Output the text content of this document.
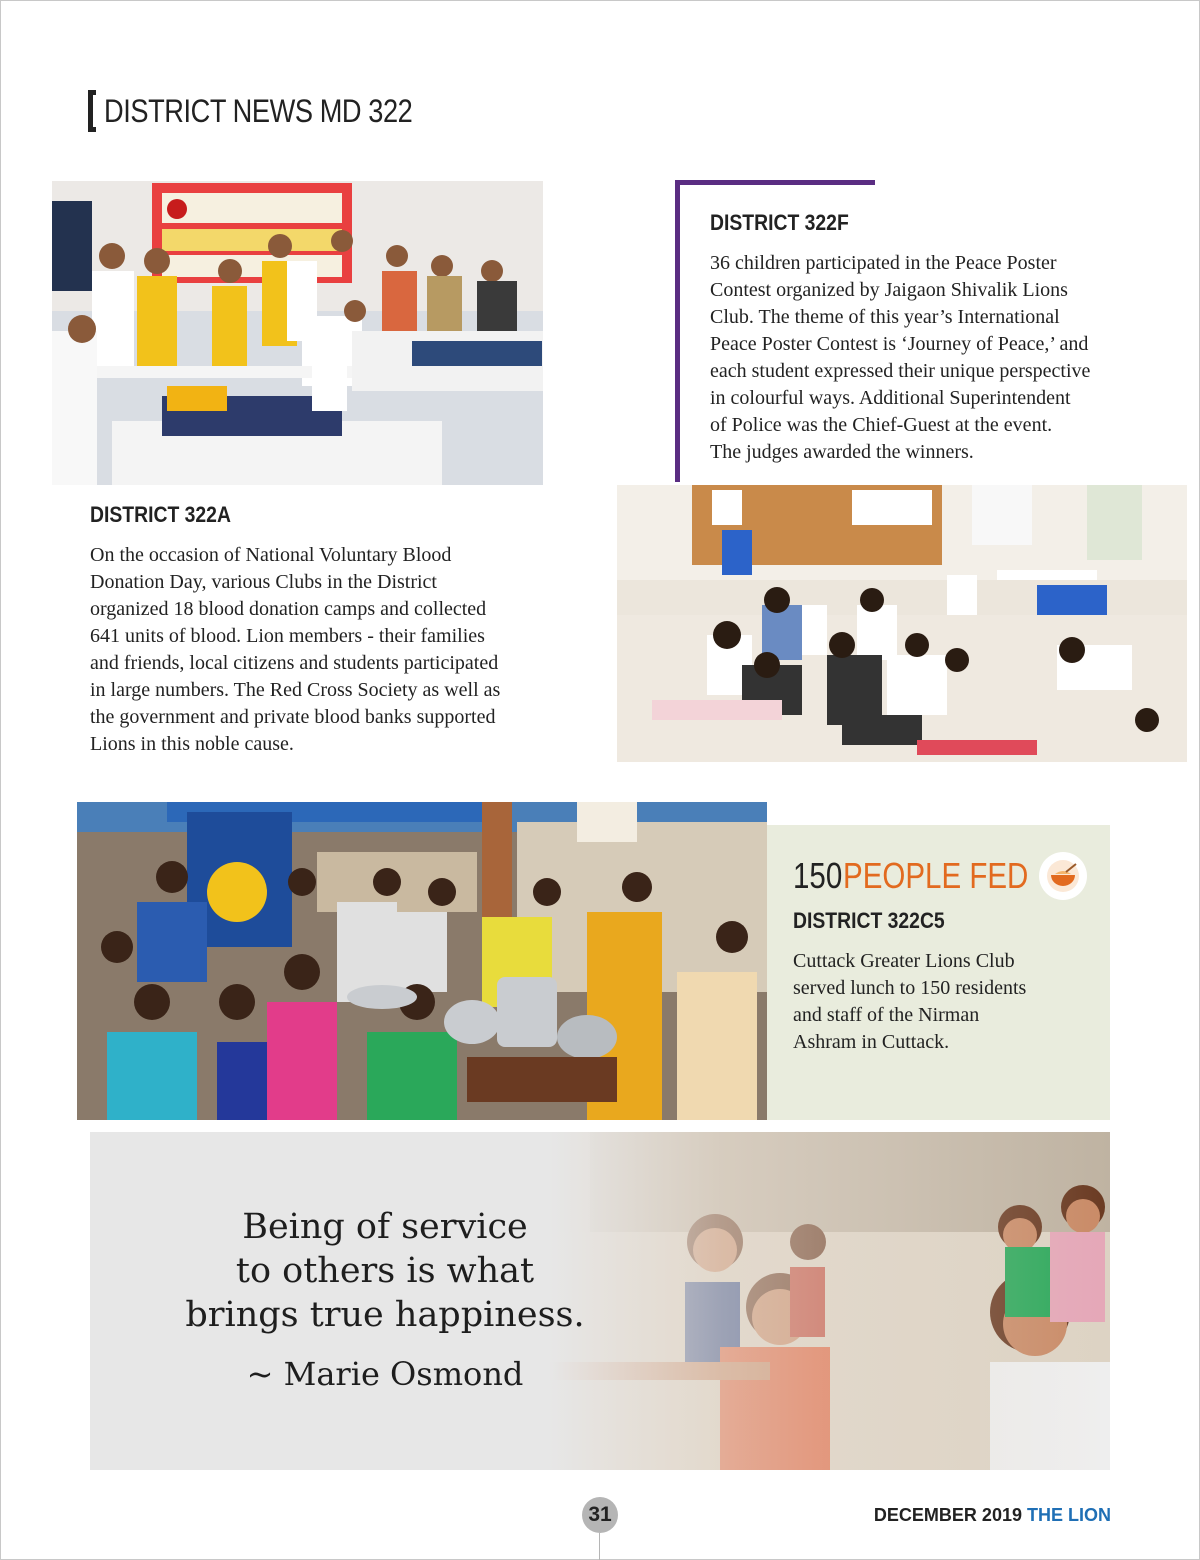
DISTRICT NEWS MD 322
DISTRICT 322A
On the occasion of National Voluntary Blood
Donation Day, various Clubs in the District
organized 18 blood donation camps and collected
641 units of blood. Lion members - their families
and friends, local citizens and students participated
in large numbers. The Red Cross Society as well as
the government and private blood banks supported
Lions in this noble cause.
DISTRICT 322F
36 children participated in the Peace Poster
Contest organized by Jaigaon Shivalik Lions
Club. The theme of this year’s International
Peace Poster Contest is ‘Journey of Peace,’ and
each student expressed their unique perspective
in colourful ways. Additional Superintendent
of Police was the Chief-Guest at the event.
The judges awarded the winners.
150 PEOPLE FED
DISTRICT 322C5
Cuttack Greater Lions Club
served lunch to 150 residents
and staff of the Nirman
Ashram in Cuttack.
Being of service
to others is what
brings true happiness.
~ Marie Osmond
31	DECEMBER 2019 THE LION
